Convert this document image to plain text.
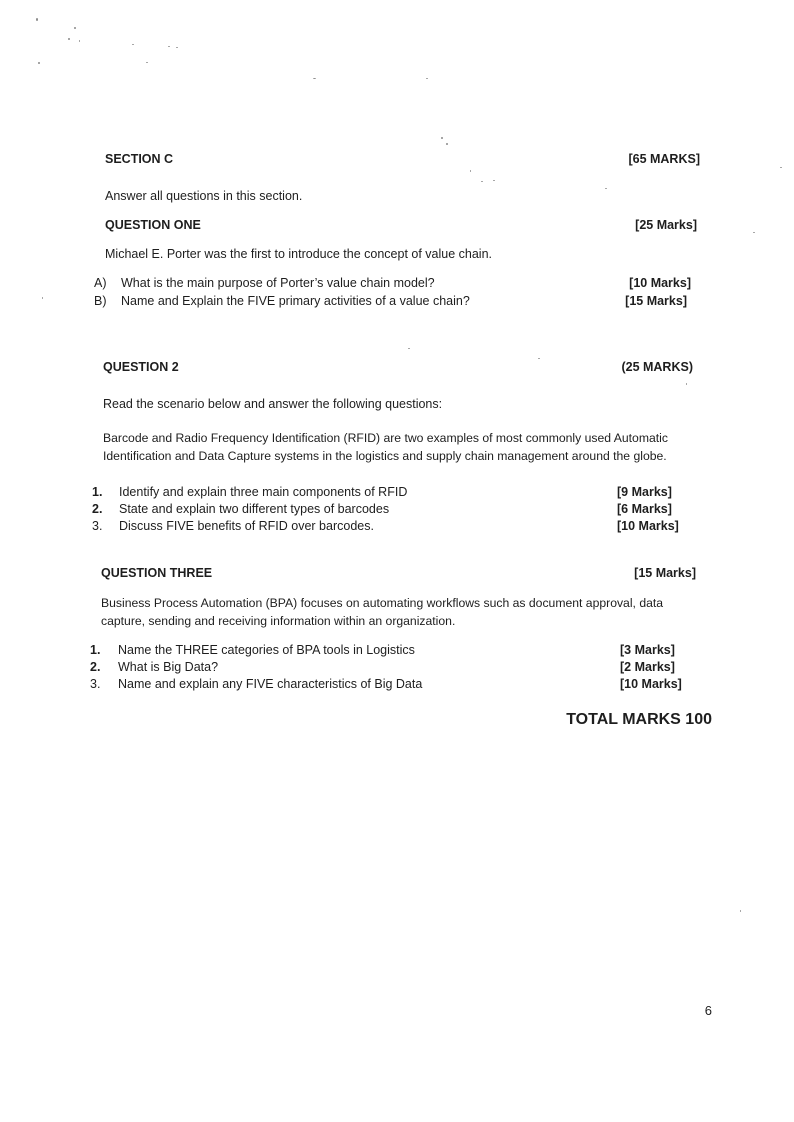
SECTION C	[65 MARKS]
Answer all questions in this section.
QUESTION ONE	[25 Marks]
Michael E. Porter was the first to introduce the concept of value chain.
A) What is the main purpose of Porter’s value chain model?	[10 Marks]
B) Name and Explain the FIVE primary activities of a value chain?	[15 Marks]
QUESTION 2	(25 MARKS)
Read the scenario below and answer the following questions:
Barcode and Radio Frequency Identification (RFID) are two examples of most commonly used Automatic
Identification and Data Capture systems in the logistics and supply chain management around the globe.
1. Identify and explain three main components of RFID	[9 Marks]
2. State and explain two different types of barcodes	[6 Marks]
3. Discuss FIVE benefits of RFID over barcodes.	[10 Marks]
QUESTION THREE	[15 Marks]
Business Process Automation (BPA) focuses on automating workflows such as document approval, data
capture, sending and receiving information within an organization.
1. Name the THREE categories of BPA tools in Logistics	[3 Marks]
2. What is Big Data?	[2 Marks]
3. Name and explain any FIVE characteristics of Big Data	[10 Marks]
TOTAL MARKS 100
6
